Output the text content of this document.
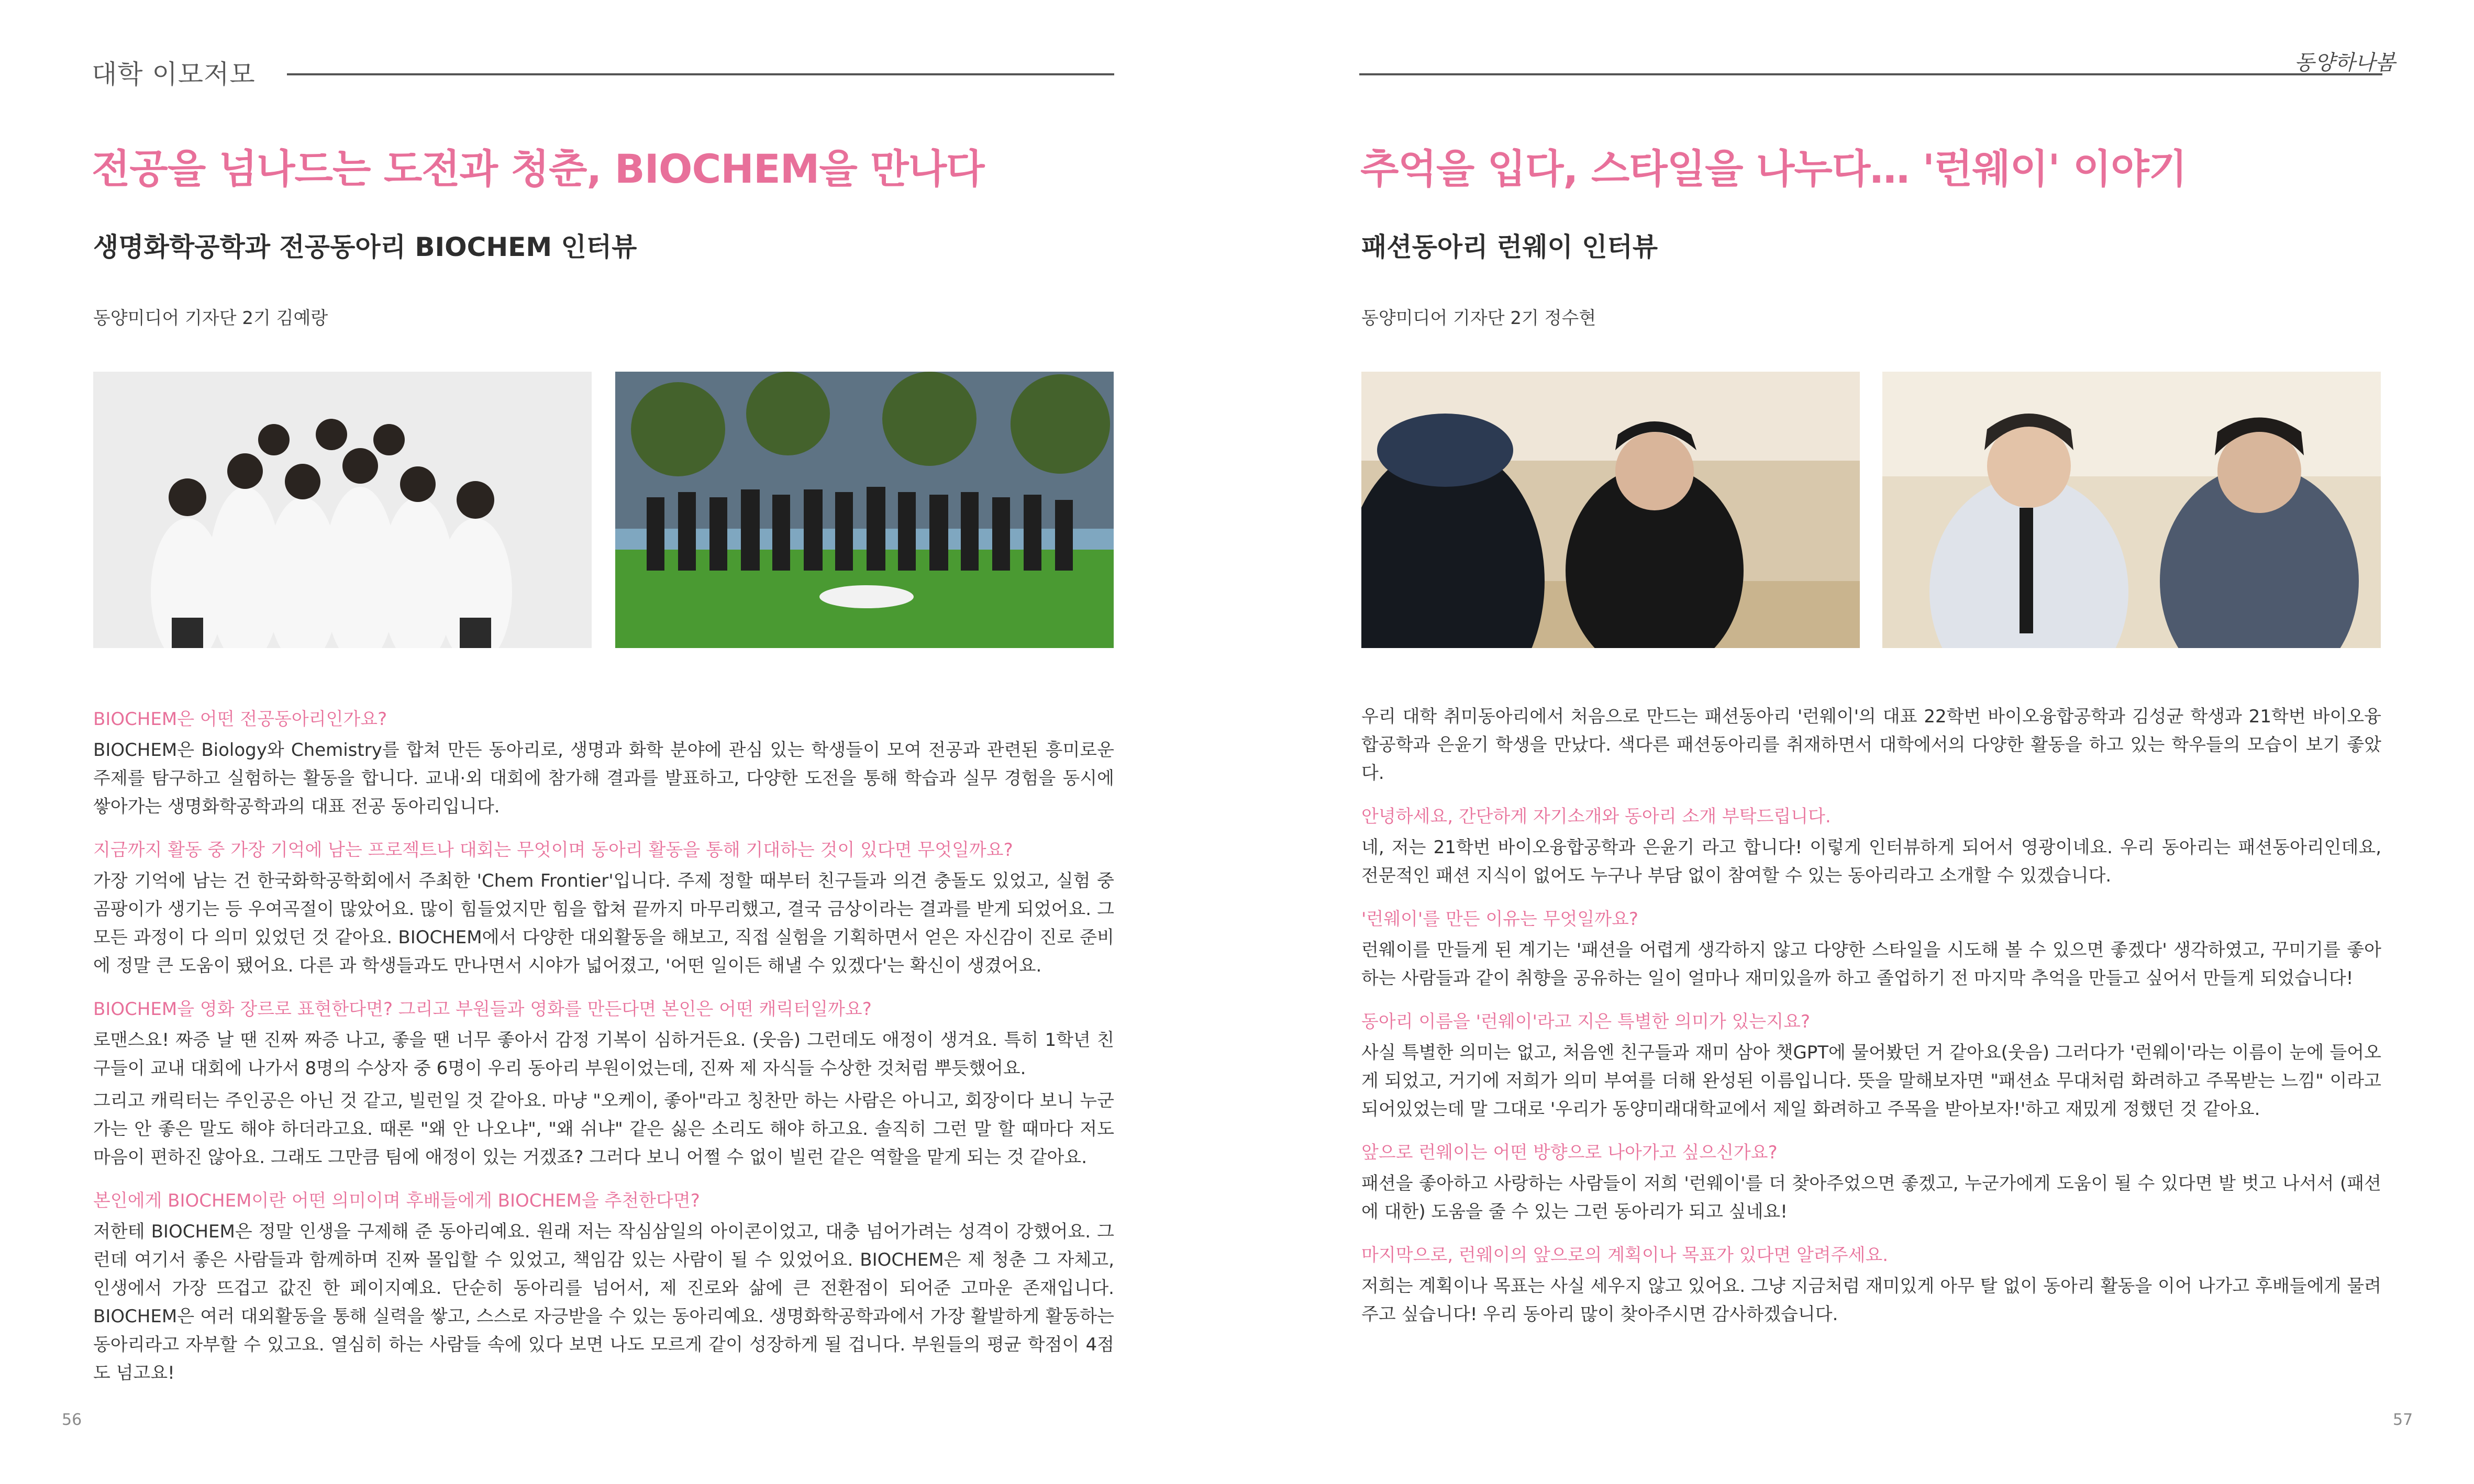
대학 이모저모	동양하나봄
전공을 넘나드는 도전과 청춘, BIOCHEM을 만나다
생명화학공학과 전공동아리 BIOCHEM 인터뷰
동양미디어 기자단 2기 김예랑
BIOCHEM은 어떤 전공동아리인가요?
BIOCHEM은 Biology와 Chemistry를 합쳐 만든 동아리로, 생명과 화학 분야에 관심 있는 학생들이 모여 전공과 관련된 흥미로운 주제를 탐구하고 실험하는 활동을 합니다. 교내·외 대회에 참가해 결과를 발표하고, 다양한 도전을 통해 학습과 실무 경험을 동시에 쌓아가는 생명화학공학과의 대표 전공 동아리입니다.
지금까지 활동 중 가장 기억에 남는 프로젝트나 대회는 무엇이며 동아리 활동을 통해 기대하는 것이 있다면 무엇일까요?
가장 기억에 남는 건 한국화학공학회에서 주최한 'Chem Frontier'입니다. 주제 정할 때부터 친구들과 의견 충돌도 있었고, 실험 중 곰팡이가 생기는 등 우여곡절이 많았어요. 많이 힘들었지만 힘을 합쳐 끝까지 마무리했고, 결국 금상이라는 결과를 받게 되었어요. 그 모든 과정이 다 의미 있었던 것 같아요. BIOCHEM에서 다양한 대외활동을 해보고, 직접 실험을 기획하면서 얻은 자신감이 진로 준비에 정말 큰 도움이 됐어요. 다른 과 학생들과도 만나면서 시야가 넓어졌고, '어떤 일이든 해낼 수 있겠다'는 확신이 생겼어요.
BIOCHEM을 영화 장르로 표현한다면? 그리고 부원들과 영화를 만든다면 본인은 어떤 캐릭터일까요?
로맨스요! 짜증 날 땐 진짜 짜증 나고, 좋을 땐 너무 좋아서 감정 기복이 심하거든요. (웃음) 그런데도 애정이 생겨요. 특히 1학년 친구들이 교내 대회에 나가서 8명의 수상자 중 6명이 우리 동아리 부원이었는데, 진짜 제 자식들 수상한 것처럼 뿌듯했어요.
그리고 캐릭터는 주인공은 아닌 것 같고, 빌런일 것 같아요. 마냥 "오케이, 좋아"라고 칭찬만 하는 사람은 아니고, 회장이다 보니 누군가는 안 좋은 말도 해야 하더라고요. 때론 "왜 안 나오냐", "왜 쉬냐" 같은 싫은 소리도 해야 하고요. 솔직히 그런 말 할 때마다 저도 마음이 편하진 않아요. 그래도 그만큼 팀에 애정이 있는 거겠죠? 그러다 보니 어쩔 수 없이 빌런 같은 역할을 맡게 되는 것 같아요.
본인에게 BIOCHEM이란 어떤 의미이며 후배들에게 BIOCHEM을 추천한다면?
저한테 BIOCHEM은 정말 인생을 구제해 준 동아리예요. 원래 저는 작심삼일의 아이콘이었고, 대충 넘어가려는 성격이 강했어요. 그런데 여기서 좋은 사람들과 함께하며 진짜 몰입할 수 있었고, 책임감 있는 사람이 될 수 있었어요. BIOCHEM은 제 청춘 그 자체고, 인생에서 가장 뜨겁고 값진 한 페이지예요. 단순히 동아리를 넘어서, 제 진로와 삶에 큰 전환점이 되어준 고마운 존재입니다. BIOCHEM은 여러 대외활동을 통해 실력을 쌓고, 스스로 자긍받을 수 있는 동아리예요. 생명화학공학과에서 가장 활발하게 활동하는 동아리라고 자부할 수 있고요. 열심히 하는 사람들 속에 있다 보면 나도 모르게 같이 성장하게 될 겁니다. 부원들의 평균 학점이 4점도 넘고요!
56
추억을 입다, 스타일을 나누다… '런웨이' 이야기
패션동아리 런웨이 인터뷰
동양미디어 기자단 2기 정수현
우리 대학 취미동아리에서 처음으로 만드는 패션동아리 '런웨이'의 대표 22학번 바이오융합공학과 김성균 학생과 21학번 바이오융합공학과 은윤기 학생을 만났다. 색다른 패션동아리를 취재하면서 대학에서의 다양한 활동을 하고 있는 학우들의 모습이 보기 좋았다.
안녕하세요, 간단하게 자기소개와 동아리 소개 부탁드립니다.
네, 저는 21학번 바이오융합공학과 은윤기 라고 합니다! 이렇게 인터뷰하게 되어서 영광이네요. 우리 동아리는 패션동아리인데요, 전문적인 패션 지식이 없어도 누구나 부담 없이 참여할 수 있는 동아리라고 소개할 수 있겠습니다.
'런웨이'를 만든 이유는 무엇일까요?
런웨이를 만들게 된 계기는 '패션을 어렵게 생각하지 않고 다양한 스타일을 시도해 볼 수 있으면 좋겠다' 생각하였고, 꾸미기를 좋아하는 사람들과 같이 취향을 공유하는 일이 얼마나 재미있을까 하고 졸업하기 전 마지막 추억을 만들고 싶어서 만들게 되었습니다!
동아리 이름을 '런웨이'라고 지은 특별한 의미가 있는지요?
사실 특별한 의미는 없고, 처음엔 친구들과 재미 삼아 챗GPT에 물어봤던 거 같아요(웃음) 그러다가 '런웨이'라는 이름이 눈에 들어오게 되었고, 거기에 저희가 의미 부여를 더해 완성된 이름입니다. 뜻을 말해보자면 "패션쇼 무대처럼 화려하고 주목받는 느낌" 이라고 되어있었는데 말 그대로 '우리가 동양미래대학교에서 제일 화려하고 주목을 받아보자!'하고 재밌게 정했던 것 같아요.
앞으로 런웨이는 어떤 방향으로 나아가고 싶으신가요?
패션을 좋아하고 사랑하는 사람들이 저희 '런웨이'를 더 찾아주었으면 좋겠고, 누군가에게 도움이 될 수 있다면 발 벗고 나서서 (패션에 대한) 도움을 줄 수 있는 그런 동아리가 되고 싶네요!
마지막으로, 런웨이의 앞으로의 계획이나 목표가 있다면 알려주세요.
저희는 계획이나 목표는 사실 세우지 않고 있어요. 그냥 지금처럼 재미있게 아무 탈 없이 동아리 활동을 이어 나가고 후배들에게 물려주고 싶습니다! 우리 동아리 많이 찾아주시면 감사하겠습니다.
57
